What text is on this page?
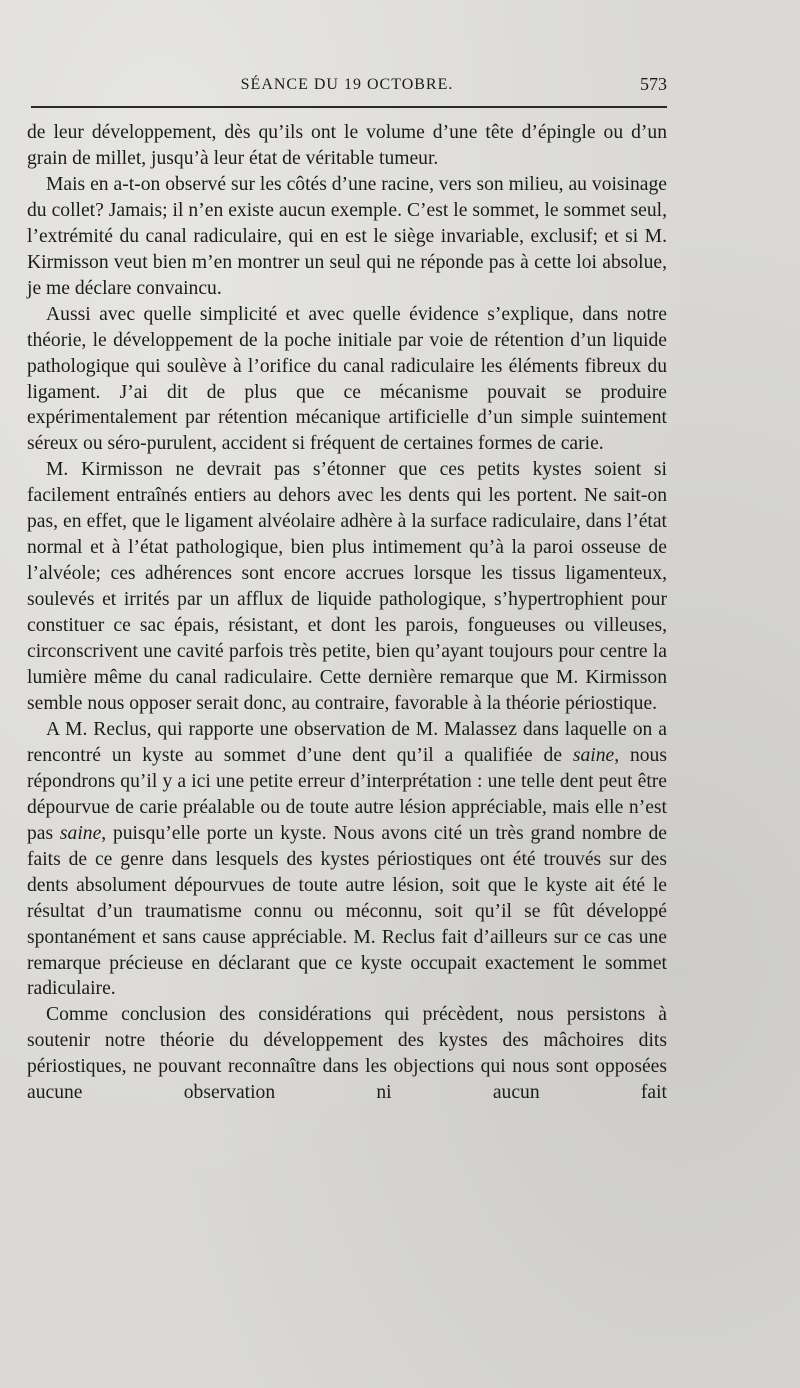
SÉANCE DU 19 OCTOBRE.	573

de leur développement, dès qu’ils ont le volume d’une tête d’épingle ou d’un grain de millet, jusqu’à leur état de véritable tumeur.

Mais en a-t-on observé sur les côtés d’une racine, vers son milieu, au voisinage du collet? Jamais; il n’en existe aucun exemple. C’est le sommet, le sommet seul, l’extrémité du canal radiculaire, qui en est le siège invariable, exclusif; et si M. Kirmisson veut bien m’en montrer un seul qui ne réponde pas à cette loi absolue, je me déclare convaincu.

Aussi avec quelle simplicité et avec quelle évidence s’explique, dans notre théorie, le développement de la poche initiale par voie de rétention d’un liquide pathologique qui soulève à l’orifice du canal radiculaire les éléments fibreux du ligament. J’ai dit de plus que ce mécanisme pouvait se produire expérimentalement par rétention mécanique artificielle d’un simple suintement séreux ou séro-purulent, accident si fréquent de certaines formes de carie.

M. Kirmisson ne devrait pas s’étonner que ces petits kystes soient si facilement entraînés entiers au dehors avec les dents qui les portent. Ne sait-on pas, en effet, que le ligament alvéolaire adhère à la surface radiculaire, dans l’état normal et à l’état pathologique, bien plus intimement qu’à la paroi osseuse de l’alvéole; ces adhérences sont encore accrues lorsque les tissus ligamenteux, soulevés et irrités par un afflux de liquide pathologique, s’hypertrophient pour constituer ce sac épais, résistant, et dont les parois, fongueuses ou villeuses, circonscrivent une cavité parfois très petite, bien qu’ayant toujours pour centre la lumière même du canal radiculaire. Cette dernière remarque que M. Kirmisson semble nous opposer serait donc, au contraire, favorable à la théorie périostique.

A M. Reclus, qui rapporte une observation de M. Malassez dans laquelle on a rencontré un kyste au sommet d’une dent qu’il a qualifiée de saine, nous répondrons qu’il y a ici une petite erreur d’interprétation : une telle dent peut être dépourvue de carie préalable ou de toute autre lésion appréciable, mais elle n’est pas saine, puisqu’elle porte un kyste. Nous avons cité un très grand nombre de faits de ce genre dans lesquels des kystes périostiques ont été trouvés sur des dents absolument dépourvues de toute autre lésion, soit que le kyste ait été le résultat d’un traumatisme connu ou méconnu, soit qu’il se fût développé spontanément et sans cause appréciable. M. Reclus fait d’ailleurs sur ce cas une remarque précieuse en déclarant que ce kyste occupait exactement le sommet radiculaire.

Comme conclusion des considérations qui précèdent, nous persistons à soutenir notre théorie du développement des kystes des mâchoires dits périostiques, ne pouvant reconnaître dans les objections qui nous sont opposées aucune observation ni aucun fait
